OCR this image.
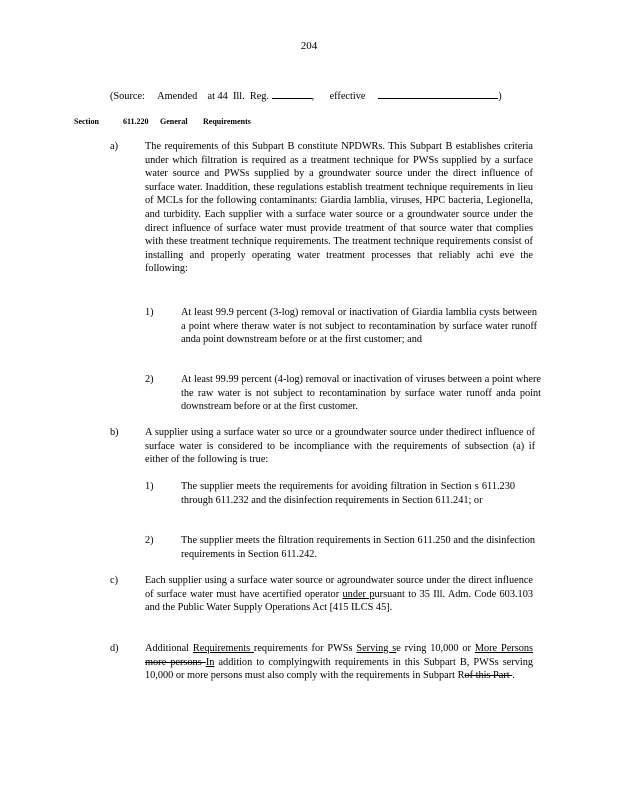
204
(Source:     Amended    at 44  Ill.  Reg.	,      effective	)
Section	611.220 General Requirements
a)	The requirements of this Subpart B constitute NPDWRs. This Subpart B establishes criteria under which filtration is required as a treatment technique for PWSs supplied by a surface water source and PWSs supplied by a groundwater source under the direct influence of surface water. Inaddition, these regulations establish treatment technique requirements in lieu of MCLs for the following contaminants: Giardia lamblia, viruses, HPC bacteria, Legionella, and turbidity. Each supplier with a surface water source or a groundwater source under the direct influence of surface water must provide treatment of that source water that complies with these treatment technique requirements. The treatment technique requirements consist of installing and properly operating water treatment processes that reliably achi eve the following:
1)	At least 99.9 percent (3-log) removal or inactivation of Giardia lamblia cysts between a point where theraw water is not subject to recontamination by surface water runoff anda point downstream before or at the first customer; and
2)	At least 99.99 percent (4-log) removal or inactivation of viruses between a point where the raw water is not subject to recontamination by surface water runoff anda point downstream before or at the first customer.
b)	A supplier using a surface water so urce or a groundwater source under thedirect influence of surface water is considered to be incompliance with the requirements of subsection (a) if either of the following is true:
1)	The supplier meets the requirements for avoiding filtration in Section s 611.230 through 611.232 and the disinfection requirements in Section 611.241; or
2)	The supplier meets the filtration requirements in Section 611.250 and the disinfection requirements in Section 611.242.
c)	Each supplier using a surface water source or agroundwater source under the direct influence of surface water must have acertified operator under pursuant to 35 Ill. Adm. Code 603.103 and the Public Water Supply Operations Act [415 ILCS 45].
d)	Additional Requirements requirements for PWSs Serving se rving 10,000 or More Persons more persons In addition to complyingwith requirements in this Subpart B, PWSs serving 10,000 or more persons must also comply with the requirements in Subpart Rof this Part .
